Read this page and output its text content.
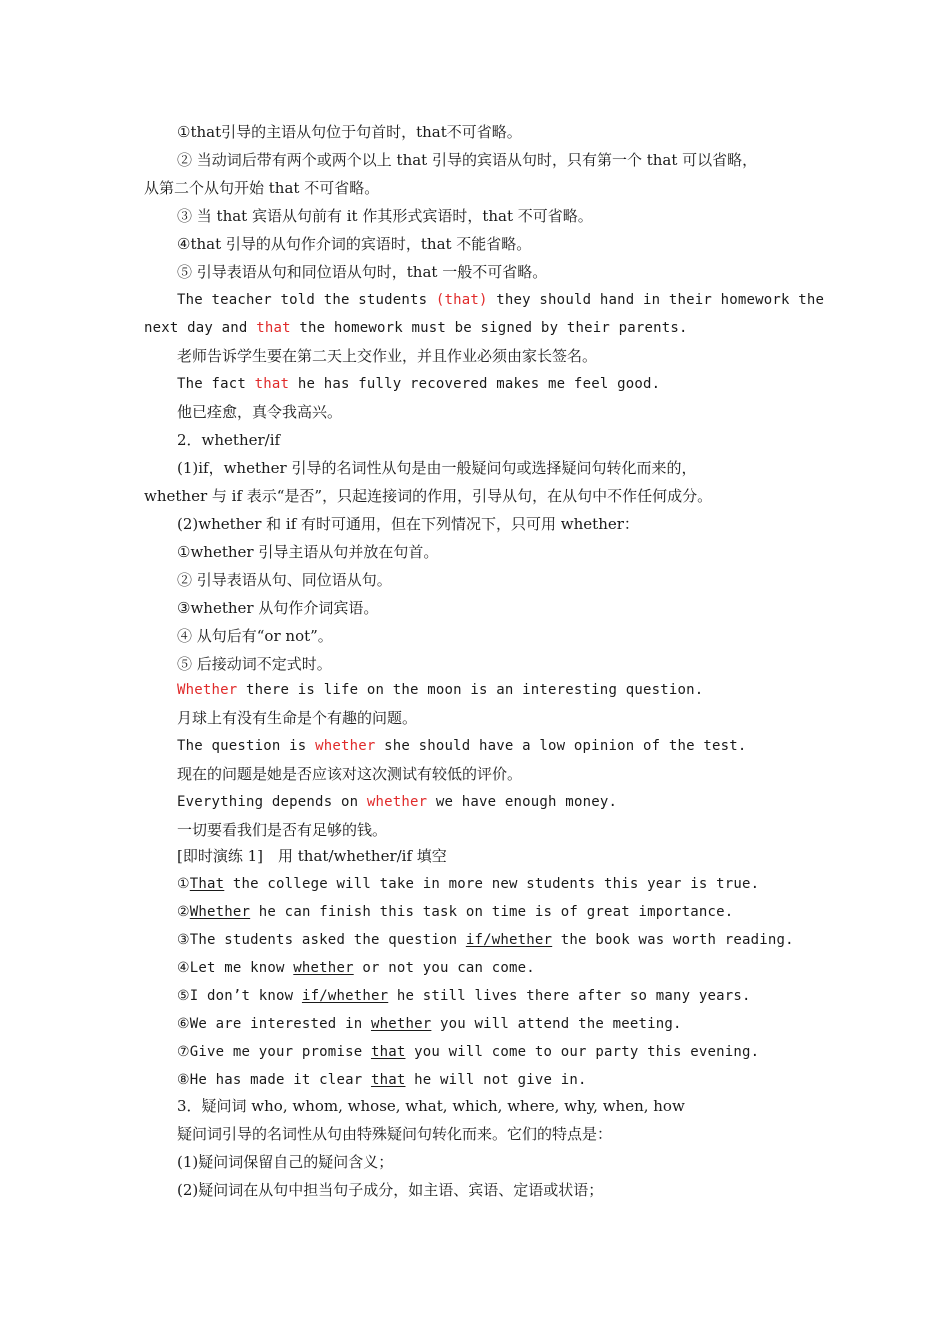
①that引导的主语从句位于句首时，that不可省略。
② 当动词后带有两个或两个以上 that 引导的宾语从句时，只有第一个 that 可以省略，
从第二个从句开始 that 不可省略。
③ 当 that 宾语从句前有 it 作其形式宾语时，that 不可省略。
④that 引导的从句作介词的宾语时，that 不能省略。
⑤ 引导表语从句和同位语从句时，that 一般不可省略。
The teacher told the students (that) they should hand in their homework the
next day and that the homework must be signed by their parents.
老师告诉学生要在第二天上交作业，并且作业必须由家长签名。
The fact that he has fully recovered makes me feel good.
他已痊愈，真令我高兴。
2．whether/if
(1)if，whether 引导的名词性从句是由一般疑问句或选择疑问句转化而来的，
whether 与 if 表示“是否”，只起连接词的作用，引导从句，在从句中不作任何成分。
(2)whether 和 if 有时可通用，但在下列情况下，只可用 whether：
①whether 引导主语从句并放在句首。
② 引导表语从句、同位语从句。
③whether 从句作介词宾语。
④ 从句后有“or not”。
⑤ 后接动词不定式时。
Whether there is life on the moon is an interesting question.
月球上有没有生命是个有趣的问题。
The question is whether she should have a low opinion of the test.
现在的问题是她是否应该对这次测试有较低的评价。
Everything depends on whether we have enough money.
一切要看我们是否有足够的钱。
[即时演练 1]　用 that/whether/if 填空
①That the college will take in more new students this year is true.
②Whether he can finish this task on time is of great importance.
③The students asked the question if/whether the book was worth reading.
④Let me know whether or not you can come.
⑤I don’t know if/whether he still lives there after so many years.
⑥We are interested in whether you will attend the meeting.
⑦Give me your promise that you will come to our party this evening.
⑧He has made it clear that he will not give in.
3．疑问词 who, whom, whose, what, which, where, why, when, how
疑问词引导的名词性从句由特殊疑问句转化而来。它们的特点是：
(1)疑问词保留自己的疑问含义；
(2)疑问词在从句中担当句子成分，如主语、宾语、定语或状语；
